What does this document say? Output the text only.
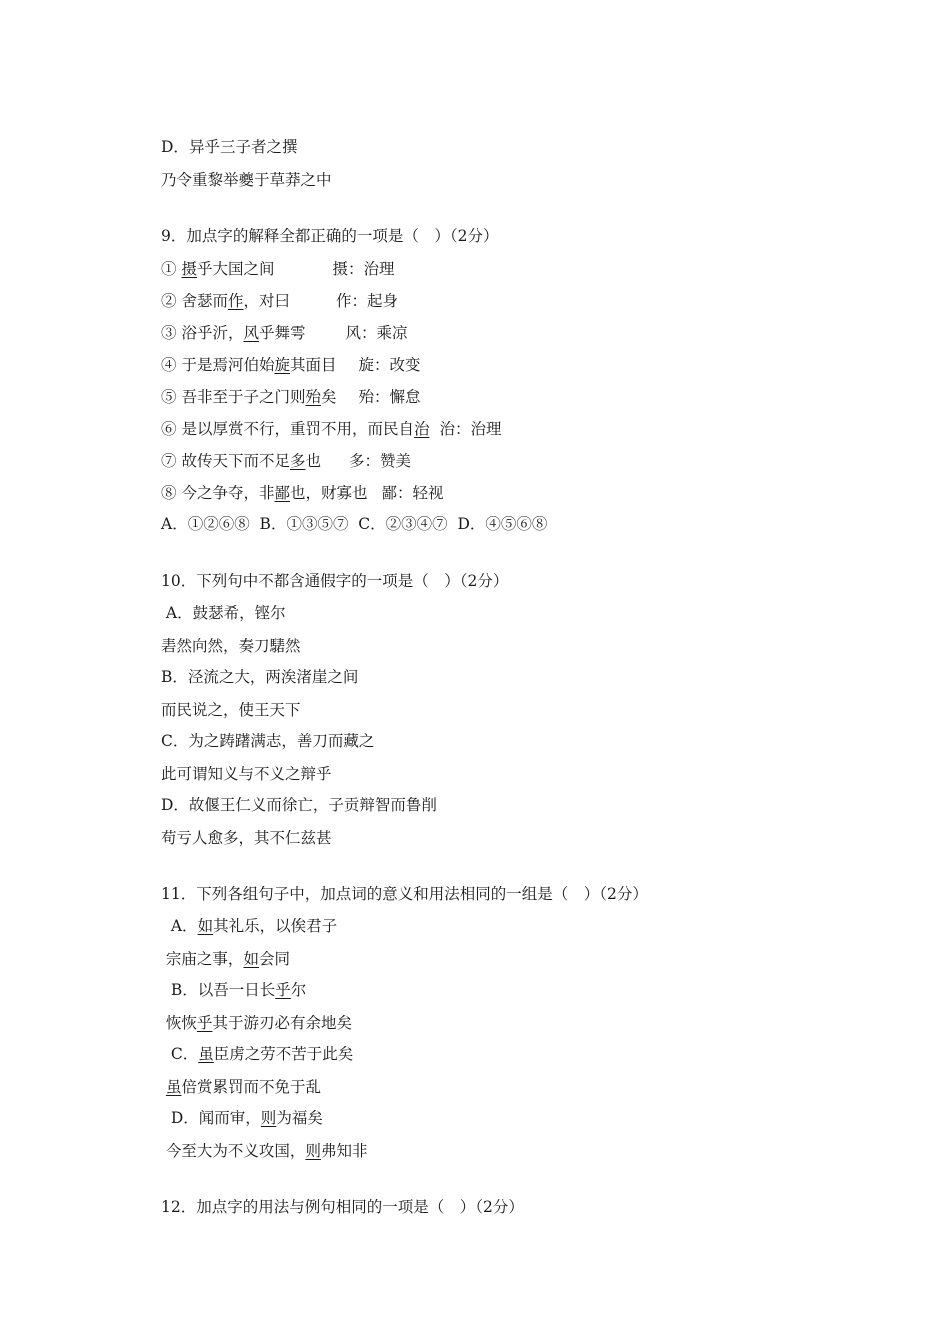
D．异乎三子者之撰
乃令重黎举夔于草莽之中
9．加点字的解释全都正确的一项是（　）（2分）
① 摄乎大国之间	摄：治理
② 舍瑟而作，对曰	作：起身
③ 浴乎沂，风乎舞雩	风：乘凉
④ 于是焉河伯始旋其面目 旋：改变
⑤ 吾非至于子之门则殆矣 殆：懈怠
⑥ 是以厚赏不行，重罚不用，而民自治 治：治理
⑦ 故传天下而不足多也 多：赞美
⑧ 今之争夺，非鄙也，财寡也 鄙：轻视
A．①②⑥⑧  B．①③⑤⑦  C．②③④⑦  D．④⑤⑥⑧
10．下列句中不都含通假字的一项是（　）（2分）
A．鼓瑟希，铿尔
砉然向然，奏刀騞然
B．泾流之大，两涘渚崖之间
而民说之，使王天下
C．为之踌躇满志，善刀而藏之
此可谓知义与不义之辩乎
D．故偃王仁义而徐亡，子贡辩智而鲁削
苟亏人愈多，其不仁兹甚
11．下列各组句子中，加点词的意义和用法相同的一组是（　）（2分）
A．如其礼乐，以俟君子
宗庙之事，如会同
B．以吾一日长乎尔
恢恢乎其于游刃必有余地矣
C．虽臣虏之劳不苦于此矣
虽倍赏累罚而不免于乱
D．闻而审，则为福矣
今至大为不义攻国，则弗知非
12．加点字的用法与例句相同的一项是（　）（2分）
